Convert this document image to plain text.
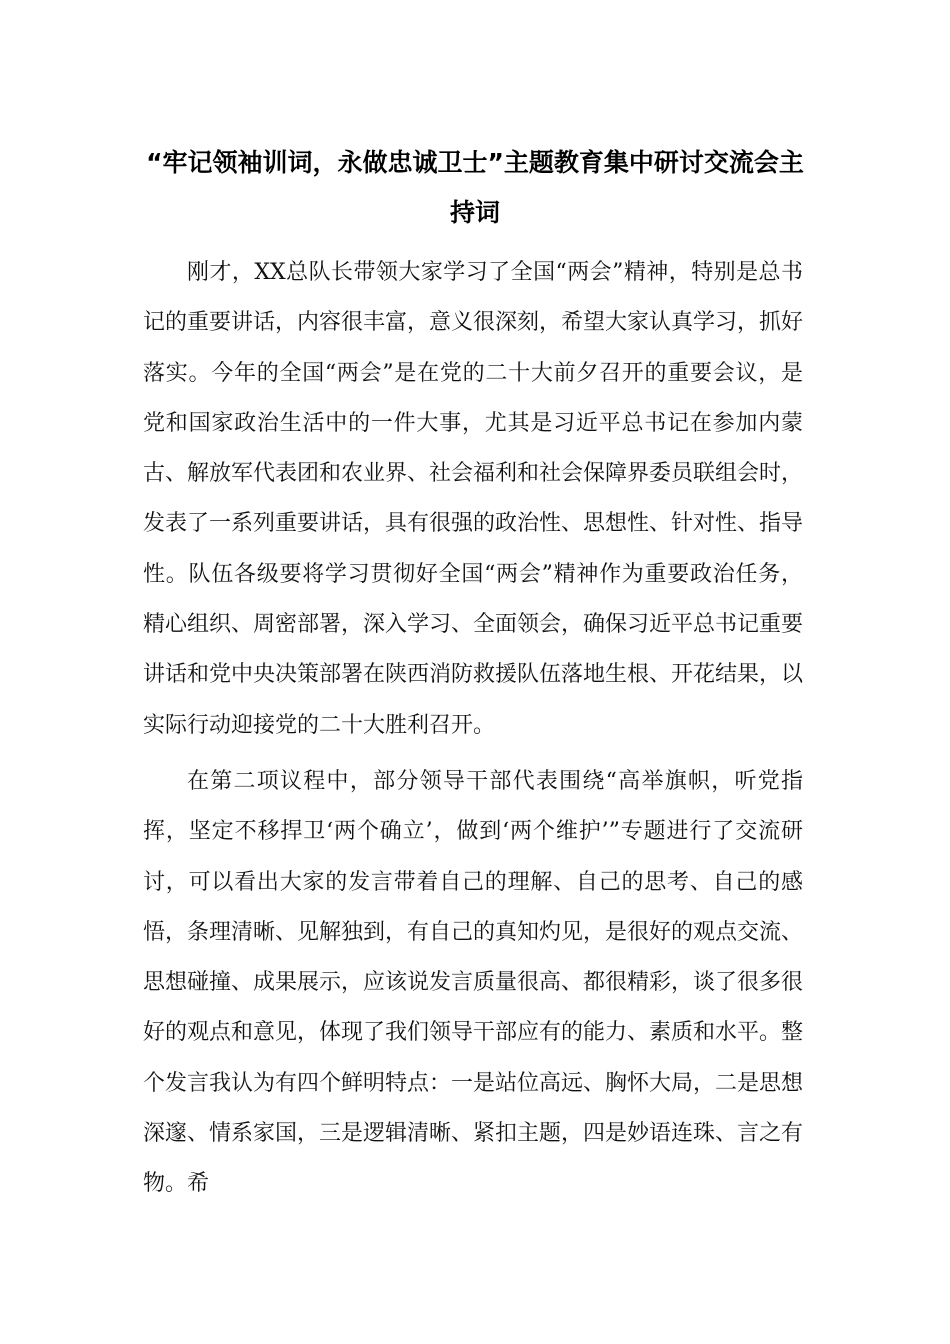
“牢记领袖训词，永做忠诚卫士”主题教育集中研讨交流会主持词

刚才，XX总队长带领大家学习了全国“两会”精神，特别是总书记的重要讲话，内容很丰富，意义很深刻，希望大家认真学习，抓好落实。今年的全国“两会”是在党的二十大前夕召开的重要会议，是党和国家政治生活中的一件大事，尤其是习近平总书记在参加内蒙古、解放军代表团和农业界、社会福利和社会保障界委员联组会时，发表了一系列重要讲话，具有很强的政治性、思想性、针对性、指导性。队伍各级要将学习贯彻好全国“两会”精神作为重要政治任务，精心组织、周密部署，深入学习、全面领会，确保习近平总书记重要讲话和党中央决策部署在陕西消防救援队伍落地生根、开花结果，以实际行动迎接党的二十大胜利召开。

在第二项议程中，部分领导干部代表围绕“高举旗帜，听党指挥，坚定不移捍卫‘两个确立’，做到‘两个维护’”专题进行了交流研讨，可以看出大家的发言带着自己的理解、自己的思考、自己的感悟，条理清晰、见解独到，有自己的真知灼见，是很好的观点交流、思想碰撞、成果展示，应该说发言质量很高、都很精彩，谈了很多很好的观点和意见，体现了我们领导干部应有的能力、素质和水平。整个发言我认为有四个鲜明特点：一是站位高远、胸怀大局，二是思想深邃、情系家国，三是逻辑清晰、紧扣主题，四是妙语连珠、言之有物。希
